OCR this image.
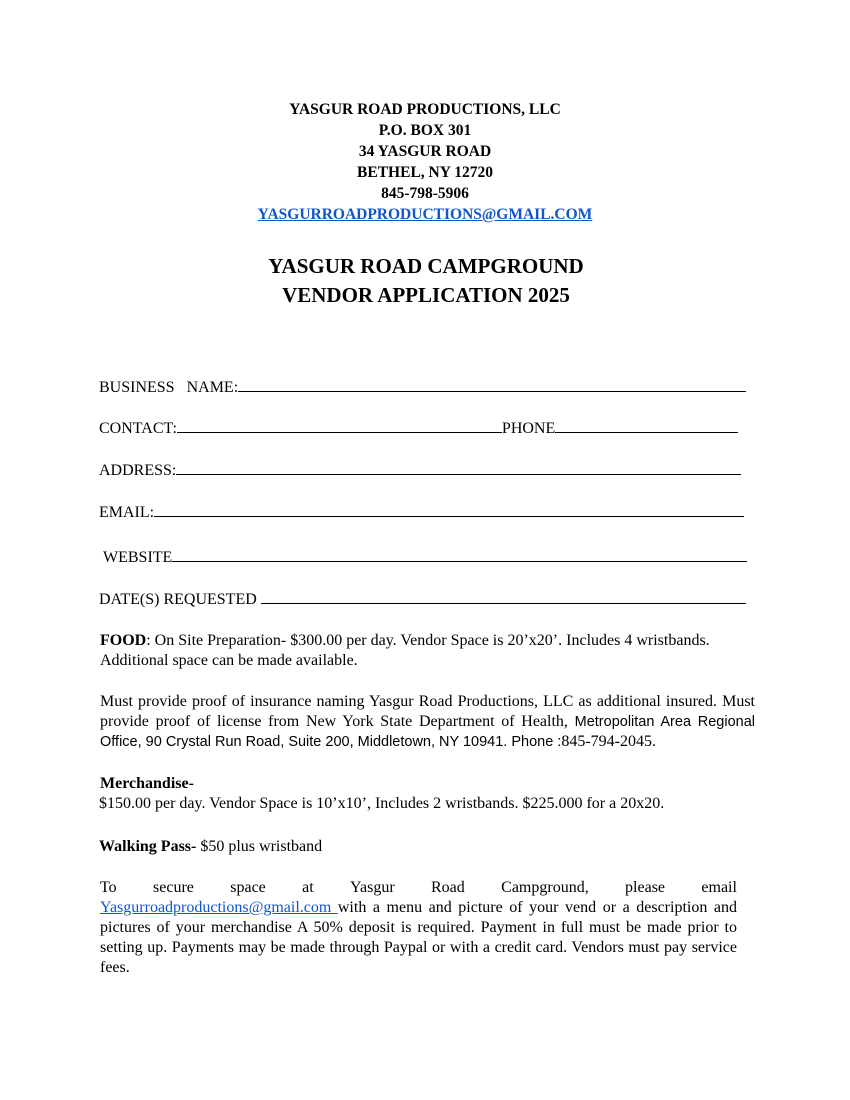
YASGUR ROAD PRODUCTIONS, LLC
P.O. BOX 301
34 YASGUR ROAD
BETHEL, NY 12720
845-798-5906
YASGURROADPRODUCTIONS@GMAIL.COM
YASGUR ROAD CAMPGROUND
VENDOR APPLICATION 2025
BUSINESS   NAME:
CONTACT:	PHONE
ADDRESS:
EMAIL:
WEBSITE
DATE(S) REQUESTED
FOOD: On Site Preparation- $300.00 per day. Vendor Space is 20’x20’. Includes 4 wristbands. Additional space can be made available.
Must provide proof of insurance naming Yasgur Road Productions, LLC as additional insured. Must provide proof of license from New York State Department of Health, Metropolitan Area Regional Office, 90 Crystal Run Road, Suite 200, Middletown, NY 10941. Phone :845-794-2045.
Merchandise-
$150.00 per day. Vendor Space is 10’x10’, Includes 2 wristbands. $225.000 for a 20x20.
Walking Pass- $50 plus wristband
To secure space at Yasgur Road Campground, please email
Yasgurroadproductions@gmail.com with a menu and picture of your vend or a description and pictures of your merchandise A 50% deposit is required. Payment in full must be made prior to setting up. Payments may be made through Paypal or with a credit card. Vendors must pay service fees.
